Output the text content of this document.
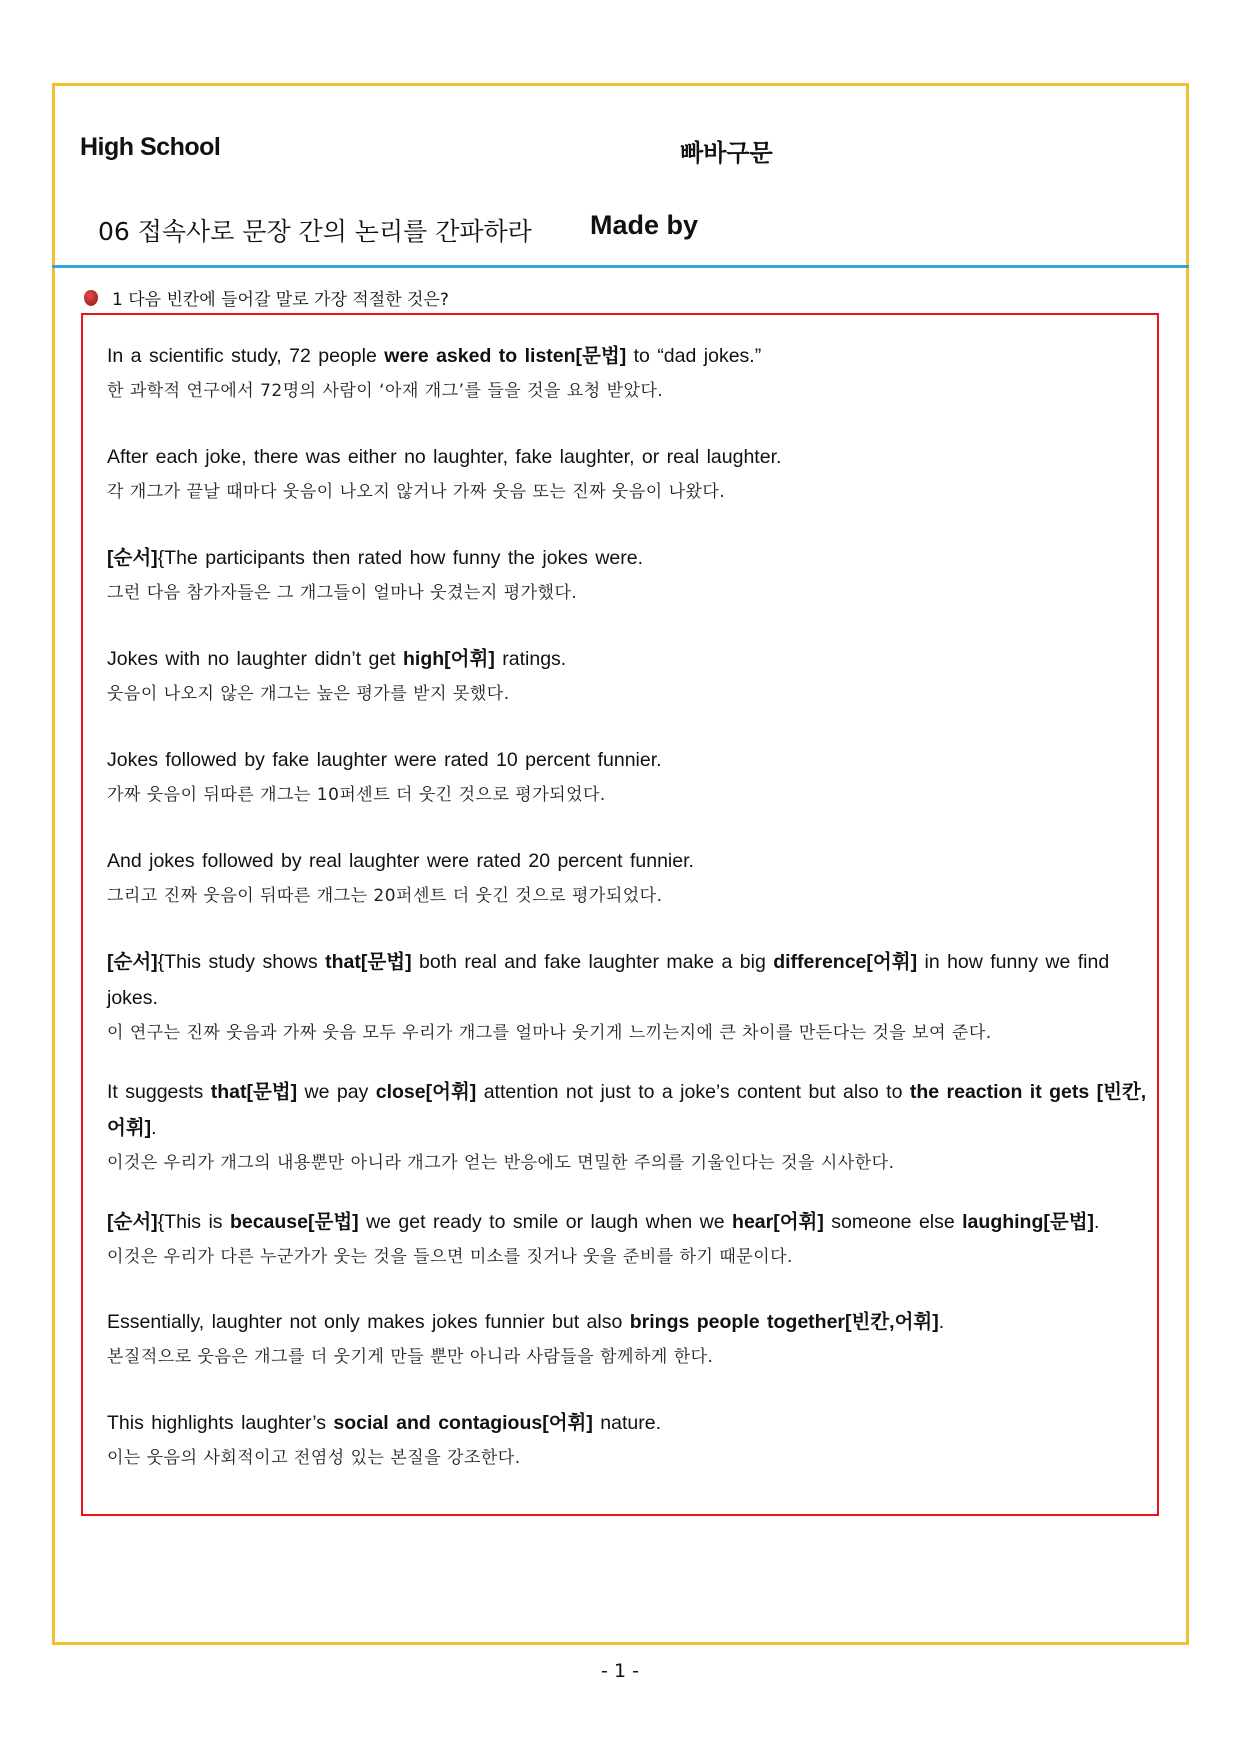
High School	빠바구문
06 접속사로 문장 간의 논리를 간파하라 Made by
1 다음 빈칸에 들어갈 말로 가장 적절한 것은?
In a scientific study, 72 people were asked to listen[문법] to “dad jokes.”
한 과학적 연구에서 72명의 사람이 ‘아재 개그’를 들을 것을 요청 받았다.
After each joke, there was either no laughter, fake laughter, or real laughter.
각 개그가 끝날 때마다 웃음이 나오지 않거나 가짜 웃음 또는 진짜 웃음이 나왔다.
[순서]{The participants then rated how funny the jokes were.
그런 다음 참가자들은 그 개그들이 얼마나 웃겼는지 평가했다.
Jokes with no laughter didn’t get high[어휘] ratings.
웃음이 나오지 않은 개그는 높은 평가를 받지 못했다.
Jokes followed by fake laughter were rated 10 percent funnier.
가짜 웃음이 뒤따른 개그는 10퍼센트 더 웃긴 것으로 평가되었다.
And jokes followed by real laughter were rated 20 percent funnier.
그리고 진짜 웃음이 뒤따른 개그는 20퍼센트 더 웃긴 것으로 평가되었다.
[순서]{This study shows that[문법] both real and fake laughter make a big difference[어휘] in how funny we find jokes.
이 연구는 진짜 웃음과 가짜 웃음 모두 우리가 개그를 얼마나 웃기게 느끼는지에 큰 차이를 만든다는 것을 보여 준다.
It suggests that[문법] we pay close[어휘] attention not just to a joke’s content but also to the reaction it gets [빈칸,어휘].
이것은 우리가 개그의 내용뿐만 아니라 개그가 얻는 반응에도 면밀한 주의를 기울인다는 것을 시사한다.
[순서]{This is because[문법] we get ready to smile or laugh when we hear[어휘] someone else laughing[문법].
이것은 우리가 다른 누군가가 웃는 것을 들으면 미소를 짓거나 웃을 준비를 하기 때문이다.
Essentially, laughter not only makes jokes funnier but also brings people together[빈칸,어휘].
본질적으로 웃음은 개그를 더 웃기게 만들 뿐만 아니라 사람들을 함께하게 한다.
This highlights laughter’s social and contagious[어휘] nature.
이는 웃음의 사회적이고 전염성 있는 본질을 강조한다.
- 1 -
